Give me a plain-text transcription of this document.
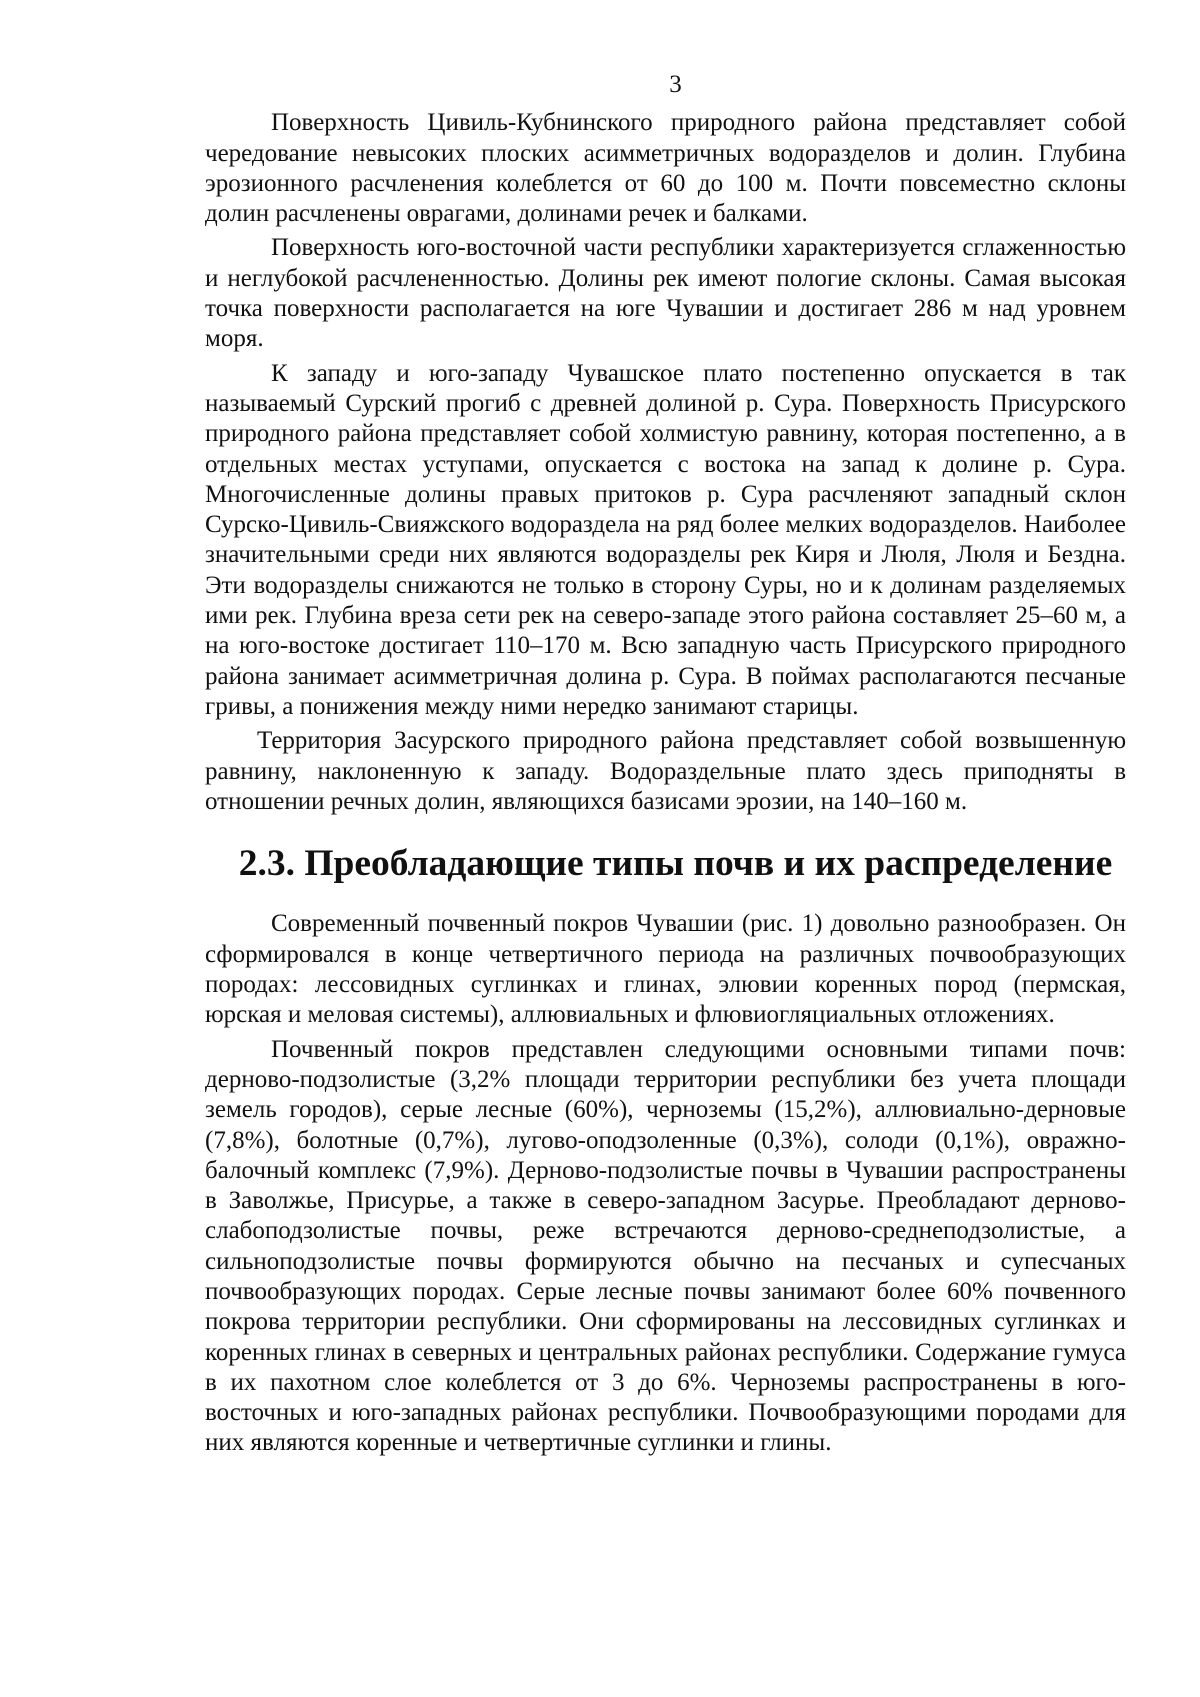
3

Поверхность Цивиль-Кубнинского природного района представляет собой чередование невысоких плоских асимметричных водоразделов и долин. Глубина эрозионного расчленения колеблется от 60 до 100 м. Почти повсеместно склоны долин расчленены оврагами, долинами речек и балками.

Поверхность юго-восточной части республики характеризуется сглаженностью и неглубокой расчлененностью. Долины рек имеют пологие склоны. Самая высокая точка поверхности располагается на юге Чувашии и достигает 286 м над уровнем моря.

К западу и юго-западу Чувашское плато постепенно опускается в так называемый Сурский прогиб с древней долиной р. Сура. Поверхность Присурского природного района представляет собой холмистую равнину, которая постепенно, а в отдельных местах уступами, опускается с востока на запад к долине р. Сура. Многочисленные долины правых притоков р. Сура расчленяют западный склон Сурско-Цивиль-Свияжского водораздела на ряд более мелких водоразделов. Наиболее значительными среди них являются водоразделы рек Киря и Люля, Люля и Бездна. Эти водоразделы снижаются не только в сторону Суры, но и к долинам разделяемых ими рек. Глубина вреза сети рек на северо-западе этого района составляет 25–60 м, а на юго-востоке достигает 110–170 м. Всю западную часть Присурского природного района занимает асимметричная долина р. Сура. В поймах располагаются песчаные гривы, а понижения между ними нередко занимают старицы.

Территория Засурского природного района представляет собой возвышенную равнину, наклоненную к западу. Водораздельные плато здесь приподняты в отношении речных долин, являющихся базисами эрозии, на 140–160 м.

2.3. Преобладающие типы почв и их распределение

Современный почвенный покров Чувашии (рис. 1) довольно разнообразен. Он сформировался в конце четвертичного периода на различных почвообразующих породах: лессовидных суглинках и глинах, элювии коренных пород (пермская, юрская и меловая системы), аллювиальных и флювиогляциальных отложениях.

Почвенный покров представлен следующими основными типами почв: дерново-подзолистые (3,2% площади территории республики без учета площади земель городов), серые лесные (60%), черноземы (15,2%), аллювиально-дерновые (7,8%), болотные (0,7%), лугово-оподзоленные (0,3%), солоди (0,1%), овражно-балочный комплекс (7,9%). Дерново-подзолистые почвы в Чувашии распространены в Заволжье, Присурье, а также в северо-западном Засурье. Преобладают дерново-слабоподзолистые почвы, реже встречаются дерново-среднеподзолистые, а сильноподзолистые почвы формируются обычно на песчаных и супесчаных почвообразующих породах. Серые лесные почвы занимают более 60% почвенного покрова территории республики. Они сформированы на лессовидных суглинках и коренных глинах в северных и центральных районах республики. Содержание гумуса в их пахотном слое колеблется от 3 до 6%. Черноземы распространены в юго-восточных и юго-западных районах республики. Почвообразующими породами для них являются коренные и четвертичные суглинки и глины.
